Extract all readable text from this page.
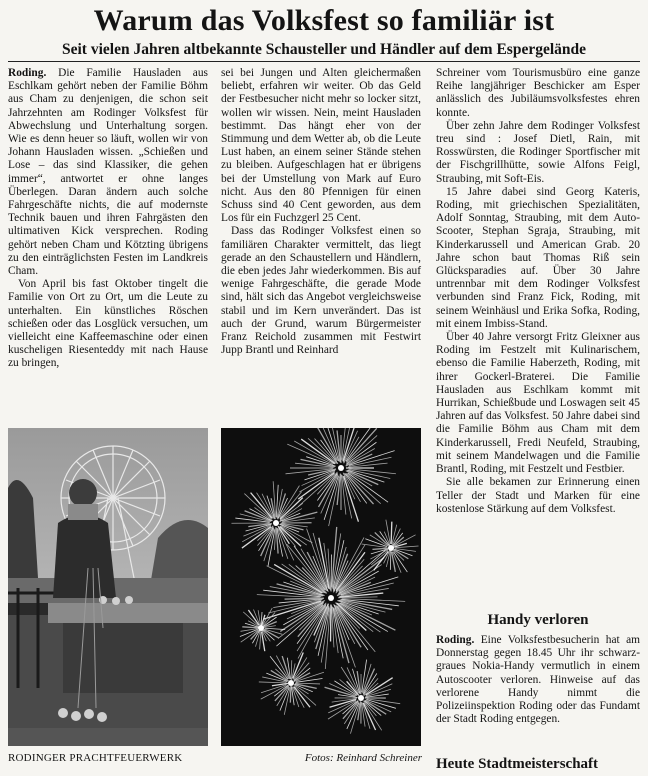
Warum das Volksfest so familiär ist
Seit vielen Jahren altbekannte Schausteller und Händler auf dem Espergelände

Roding. Die Familie Hausladen aus Eschlkam gehört neben der Familie Böhm aus Cham zu denjenigen, die schon seit Jahrzehnten am Rodinger Volksfest für Abwechslung und Unterhaltung sorgen. Wie es denn heuer so läuft, wollen wir von Johann Hausladen wissen. „Schießen und Lose – das sind Klassiker, die gehen immer“, antwortet er ohne langes Überlegen. Daran ändern auch solche Fahrgeschäfte nichts, die auf modernste Technik bauen und ihren Fahrgästen den ultimativen Kick versprechen. Roding gehört neben Cham und Kötzting übrigens zu den einträglichsten Festen im Landkreis Cham.

Von April bis fast Oktober tingelt die Familie von Ort zu Ort, um die Leute zu unterhalten. Ein künstliches Röschen schießen oder das Losglück versuchen, um vielleicht eine Kaffeemaschine oder einen kuscheligen Riesenteddy mit nach Hause zu bringen,

sei bei Jungen und Alten gleichermaßen beliebt, erfahren wir weiter. Ob das Geld der Festbesucher nicht mehr so locker sitzt, wollen wir wissen. Nein, meint Hausladen bestimmt. Das hängt eher von der Stimmung und dem Wetter ab, ob die Leute Lust haben, an einem seiner Stände stehen zu bleiben. Aufgeschlagen hat er übrigens bei der Umstellung von Mark auf Euro nicht. Aus den 80 Pfennigen für einen Schuss sind 40 Cent geworden, aus dem Los für ein Fuchzgerl 25 Cent.

Dass das Rodinger Volksfest einen so familiären Charakter vermittelt, das liegt gerade an den Schaustellern und Händlern, die eben jedes Jahr wiederkommen. Bis auf wenige Fahrgeschäfte, die gerade Mode sind, hält sich das Angebot vergleichsweise stabil und im Kern unverändert. Das ist auch der Grund, warum Bürgermeister Franz Reichold zusammen mit Festwirt Jupp Brantl und Reinhard

Schreiner vom Tourismusbüro eine ganze Reihe langjähriger Beschicker am Esper anlässlich des Jubiläumsvolksfestes ehren konnte.

Über zehn Jahre dem Rodinger Volksfest treu sind : Josef Dietl, Rain, mit Rosswürsten, die Rodinger Sportfischer mit der Fischgrillhütte, sowie Alfons Feigl, Straubing, mit Soft-Eis.

15 Jahre dabei sind Georg Kateris, Roding, mit griechischen Spezialitäten, Adolf Sonntag, Straubing, mit dem Auto-Scooter, Stephan Sgraja, Straubing, mit Kinderkarussell und American Grab. 20 Jahre schon baut Thomas Riß sein Glücksparadies auf. Über 30 Jahre untrennbar mit dem Rodinger Volksfest verbunden sind Franz Fick, Roding, mit seinem Weinhäusl und Erika Sofka, Roding, mit einem Imbiss-Stand.

Über 40 Jahre versorgt Fritz Gleixner aus Roding im Festzelt mit Kulinarischem, ebenso die Familie Haberzeth, Roding, mit ihrer Gockerl-Braterei. Die Familie Hausladen aus Eschlkam kommt mit Hurrikan, Schießbude und Loswagen seit 45 Jahren auf das Volksfest. 50 Jahre dabei sind die Familie Böhm aus Cham mit dem Kinderkarussell, Fredi Neufeld, Straubing, mit seinem Mandelwagen und die Familie Brantl, Roding, mit Festzelt und Festbier.

Sie alle bekamen zur Erinnerung einen Teller der Stadt und Marken für eine kostenlose Stärkung auf dem Volksfest.

RODINGER PRACHTFEUERWERK	Fotos: Reinhard Schreiner
Handy verloren

Roding. Eine Volksfestbesucherin hat am Donnerstag gegen 18.45 Uhr ihr schwarz-graues Nokia-Handy vermutlich in einem Autoscooter verloren. Hinweise auf das verlorene Handy nimmt die Polizeiinspektion Roding oder das Fundamt der Stadt Roding entgegen.

Heute Stadtmeisterschaft
